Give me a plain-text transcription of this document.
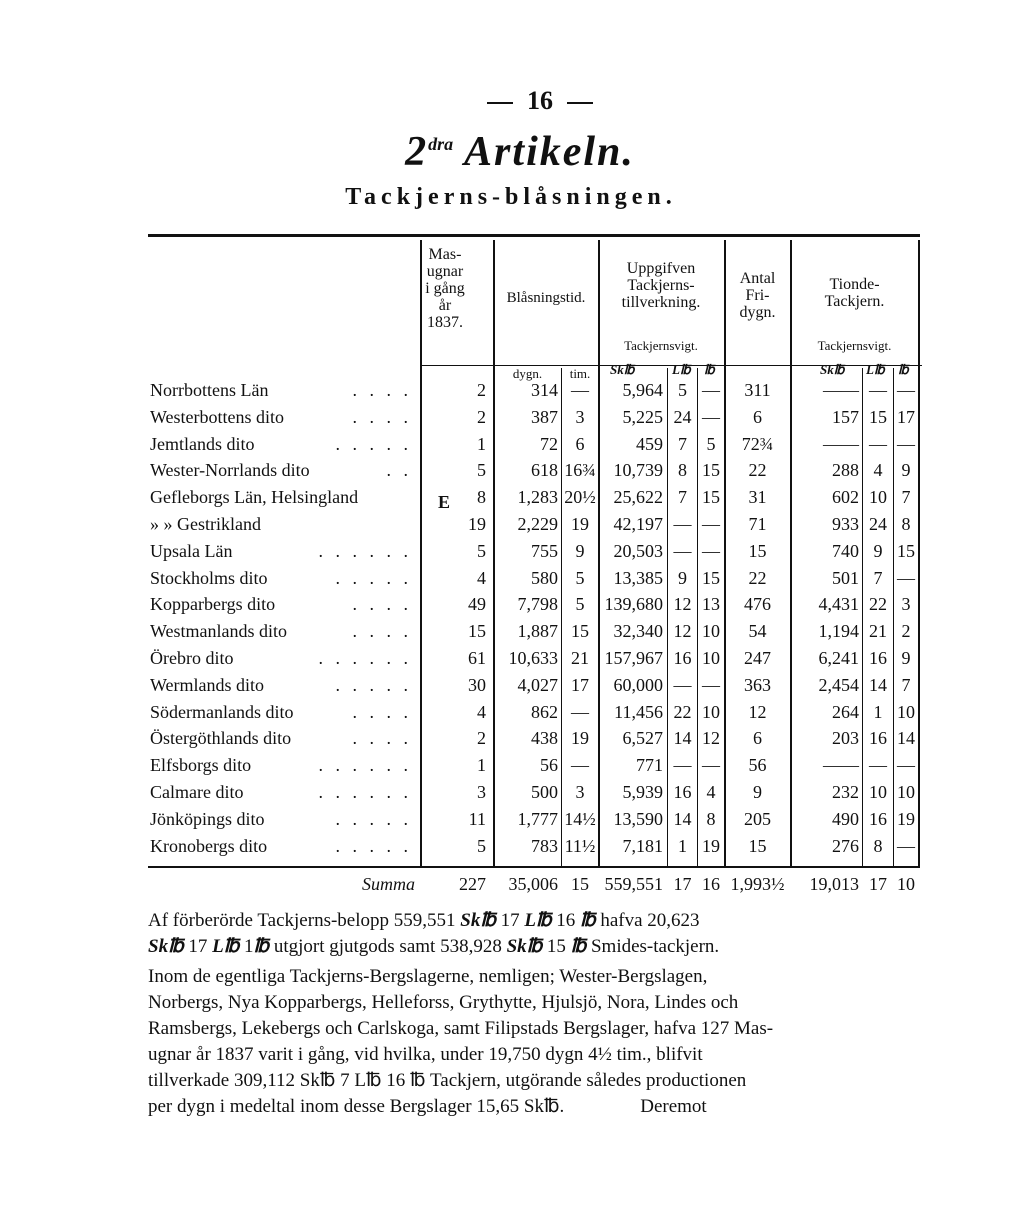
16
$2^{dra}$ Artikeln.
Tackjerns-blåsningen.
Mas-
ugnar
i gång
år
1837.
Blåsningstid.
Uppgifven
Tackjerns-
tillverkning.
Tackjernsvigt.
Antal
Fri-
dygn.
Tionde-
Tackjern.
Tackjernsvigt.
dygn.	tim.	Sk℔	L℔ ℔	Sk℔ L℔ ℔
E
Norrbottens Län	. . . .	2	314 —	5,964 5 —	311	—— — —
Westerbottens dito	. . . .	2	387 3	5,225 24 —	6	157 15 17
Jemtlands dito	. . . . .	1	72 6	459 7	5	72¾	—— — —
Wester-Norrlands dito	. .	5	618 16¾ 10,739 8 15	22	288 4	9
Gefleborgs Län, Helsingland	8	1,283 20½ 25,622 7 15	31	602 10 7
» » Gestrikland	19	2,229 19	42,197 — —	71	933 24 8
Upsala Län	. . . . . .	5	755 9	20,503 — —	15	740 9 15
Stockholms dito	. . . . .	4	580 5	13,385 9 15	22	501 7 —
Kopparbergs dito	. . . .	49	7,798 5	139,680 12 13	476	4,431 22 3
Westmanlands dito	. . . .	15	1,887 15	32,340 12 10	54	1,194 21 2
Örebro dito	. . . . . .	61	10,633 21 157,967 16 10	247	6,241 16 9
Wermlands dito	. . . . .	30	4,027 17	60,000 — —	363	2,454 14 7
Södermanlands dito	. . . .	4	862 —	11,456 22 10	12	264 1 10
Östergöthlands dito	. . . .	2	438 19	6,527 14 12	6	203 16 14
Elfsborgs dito	. . . . . .	1	56 —	771 — —	56	—— — —
Calmare dito	. . . . . .	3	500 3	5,939 16 4	9	232 10 10
Jönköpings dito	. . . . .	11	1,777 14½ 13,590 14 8	205	490 16 19
Kronobergs dito	. . . . .	5	783 11½	7,181 1 19	15	276 8 —
Summa	227	35,006 15 559,551 17 16 1,993½	19,013 17 10
Af förberörde Tackjerns-belopp 559,551 Sk℔ 17 L℔ 16 ℔ hafva 20,623
Sk℔ 17 L℔ 1℔ utgjort gjutgods samt 538,928 Sk℔ 15 ℔ Smides-tackjern.
Inom de egentliga Tackjerns-Bergslagerne, nemligen; Wester-Bergslagen,
Norbergs, Nya Kopparbergs, Helleforss, Grythytte, Hjulsjö, Nora, Lindes och
Ramsbergs, Lekebergs och Carlskoga, samt Filipstads Bergslager, hafva 127 Mas-
ugnar år 1837 varit i gång, vid hvilka, under 19,750 dygn 4½ tim., blifvit
tillverkade 309,112 Sk℔ 7 L℔ 16 ℔ Tackjern, utgörande således productionen
per dygn i medeltal inom desse Bergslager 15,65 Sk℔.                Deremot
